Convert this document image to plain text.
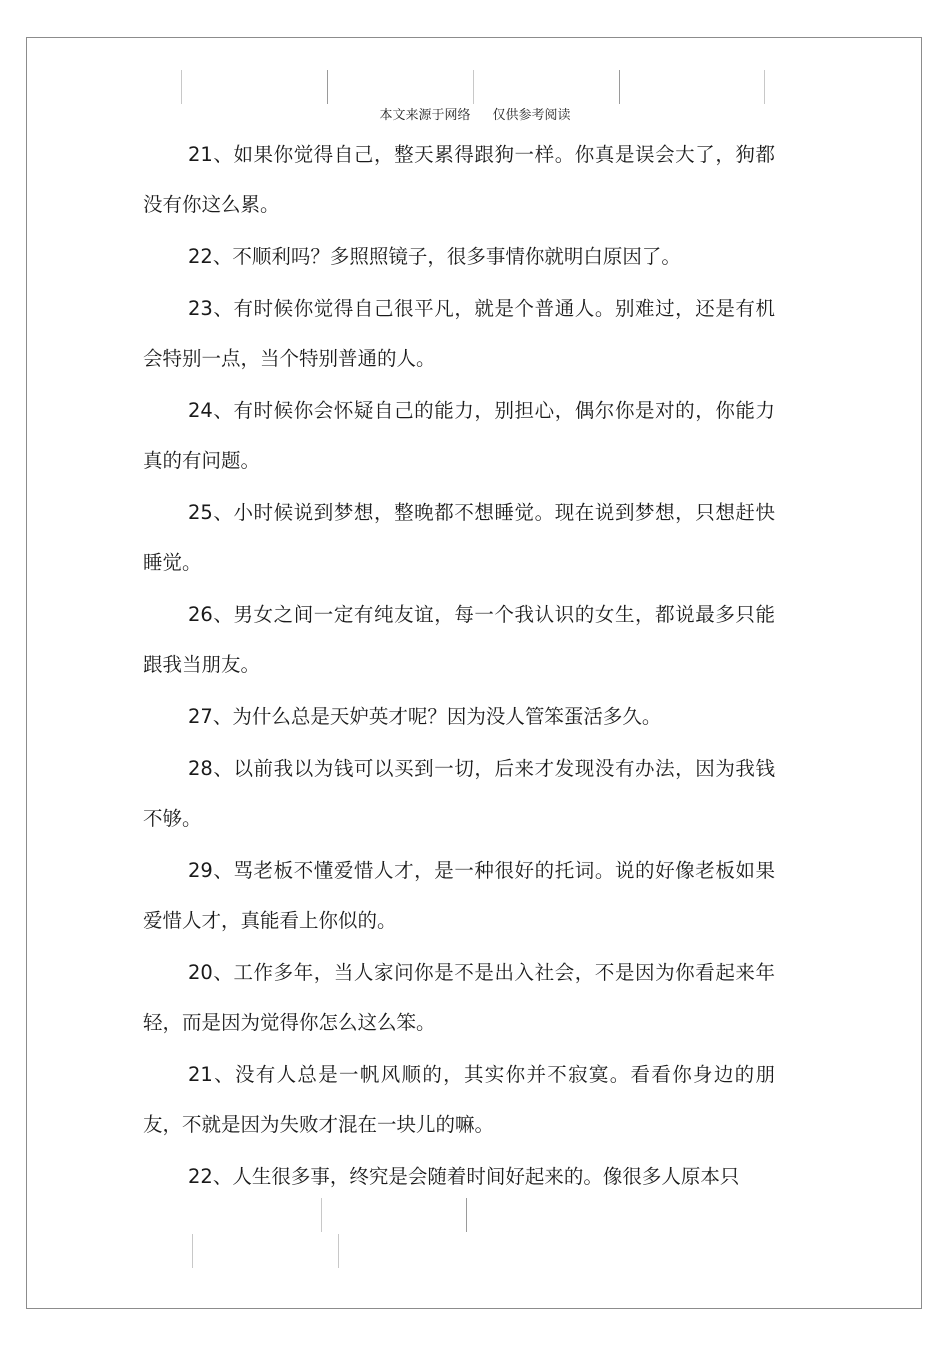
本文来源于网络 仅供参考阅读

21、如果你觉得自己，整天累得跟狗一样。你真是误会大了，狗都没有你这么累。

22、不顺利吗？多照照镜子，很多事情你就明白原因了。

23、有时候你觉得自己很平凡，就是个普通人。别难过，还是有机会特别一点，当个特别普通的人。

24、有时候你会怀疑自己的能力，别担心，偶尔你是对的，你能力真的有问题。

25、小时候说到梦想，整晚都不想睡觉。现在说到梦想，只想赶快睡觉。

26、男女之间一定有纯友谊，每一个我认识的女生，都说最多只能跟我当朋友。

27、为什么总是天妒英才呢？因为没人管笨蛋活多久。

28、以前我以为钱可以买到一切，后来才发现没有办法，因为我钱不够。

29、骂老板不懂爱惜人才，是一种很好的托词。说的好像老板如果爱惜人才，真能看上你似的。

20、工作多年，当人家问你是不是出入社会，不是因为你看起来年轻，而是因为觉得你怎么这么笨。

21、没有人总是一帆风顺的，其实你并不寂寞。看看你身边的朋友，不就是因为失败才混在一块儿的嘛。

22、人生很多事，终究是会随着时间好起来的。像很多人原本只
